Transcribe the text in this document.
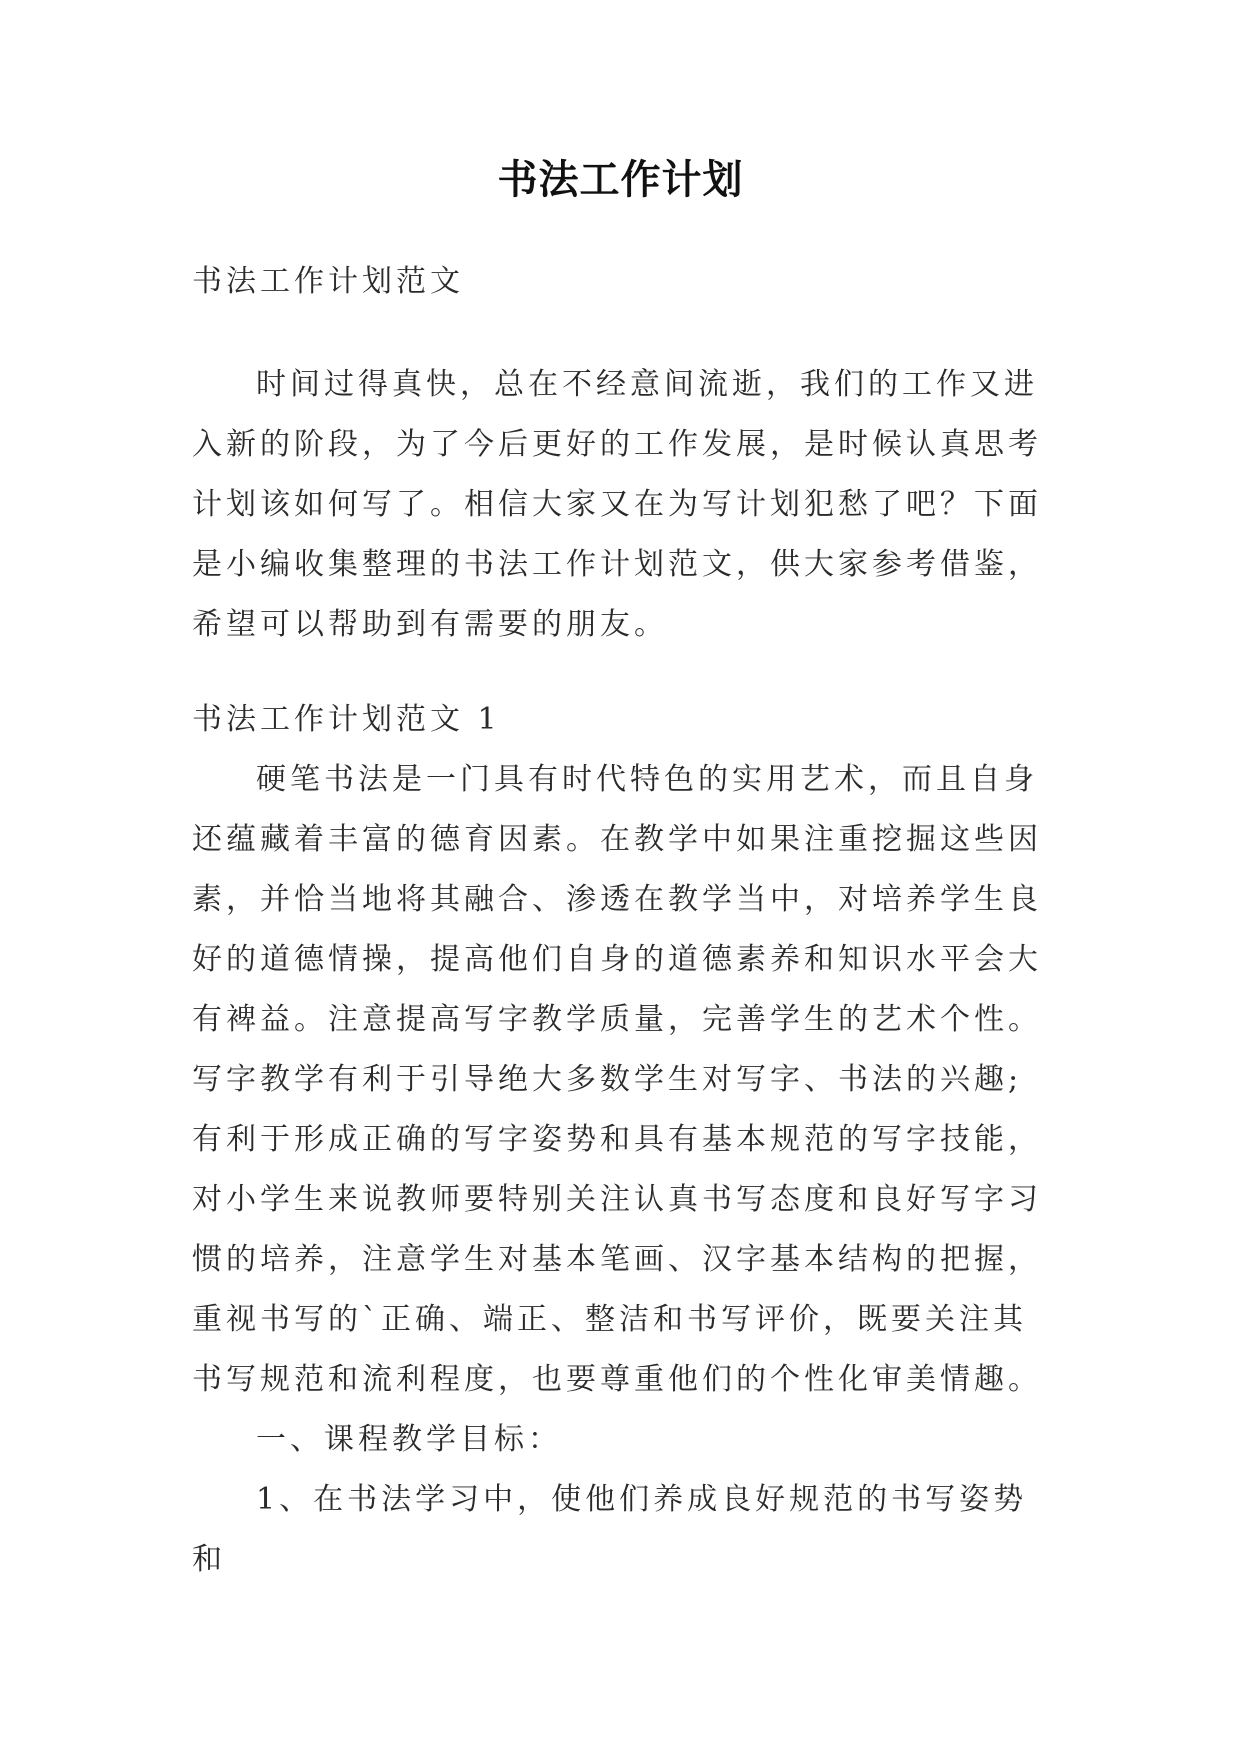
书法工作计划

书法工作计划范文

时间过得真快，总在不经意间流逝，我们的工作又进入新的阶段，为了今后更好的工作发展，是时候认真思考计划该如何写了。相信大家又在为写计划犯愁了吧？下面是小编收集整理的书法工作计划范文，供大家参考借鉴，希望可以帮助到有需要的朋友。

书法工作计划范文 1

硬笔书法是一门具有时代特色的实用艺术，而且自身还蕴藏着丰富的德育因素。在教学中如果注重挖掘这些因素，并恰当地将其融合、渗透在教学当中，对培养学生良好的道德情操，提高他们自身的道德素养和知识水平会大有裨益。注意提高写字教学质量，完善学生的艺术个性。写字教学有利于引导绝大多数学生对写字、书法的兴趣;有利于形成正确的写字姿势和具有基本规范的写字技能，对小学生来说教师要特别关注认真书写态度和良好写字习惯的培养，注意学生对基本笔画、汉字基本结构的把握，重视书写的`正确、端正、整洁和书写评价，既要关注其书写规范和流利程度，也要尊重他们的个性化审美情趣。

一、课程教学目标：

1、在书法学习中，使他们养成良好规范的书写姿势和
